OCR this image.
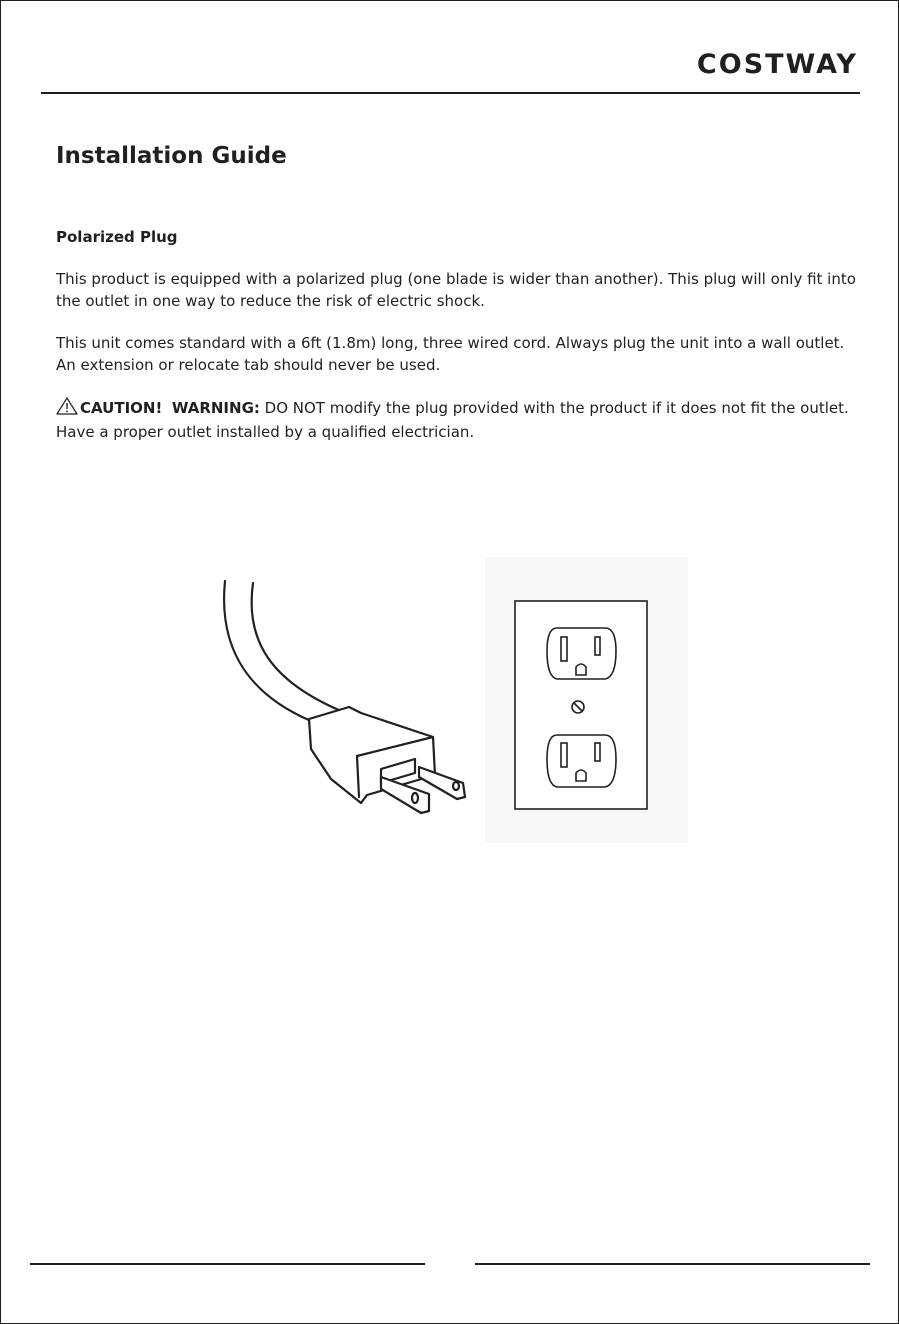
COSTWAY
Installation Guide
Polarized Plug

This product is equipped with a polarized plug (one blade is wider than another). This plug will only fit into the outlet in one way to reduce the risk of electric shock.

This unit comes standard with a 6ft (1.8m) long, three wired cord. Always plug the unit into a wall outlet. An extension or relocate tab should never be used.

CAUTION! WARNING: DO NOT modify the plug provided with the product if it does not fit the outlet. Have a proper outlet installed by a qualified electrician.
